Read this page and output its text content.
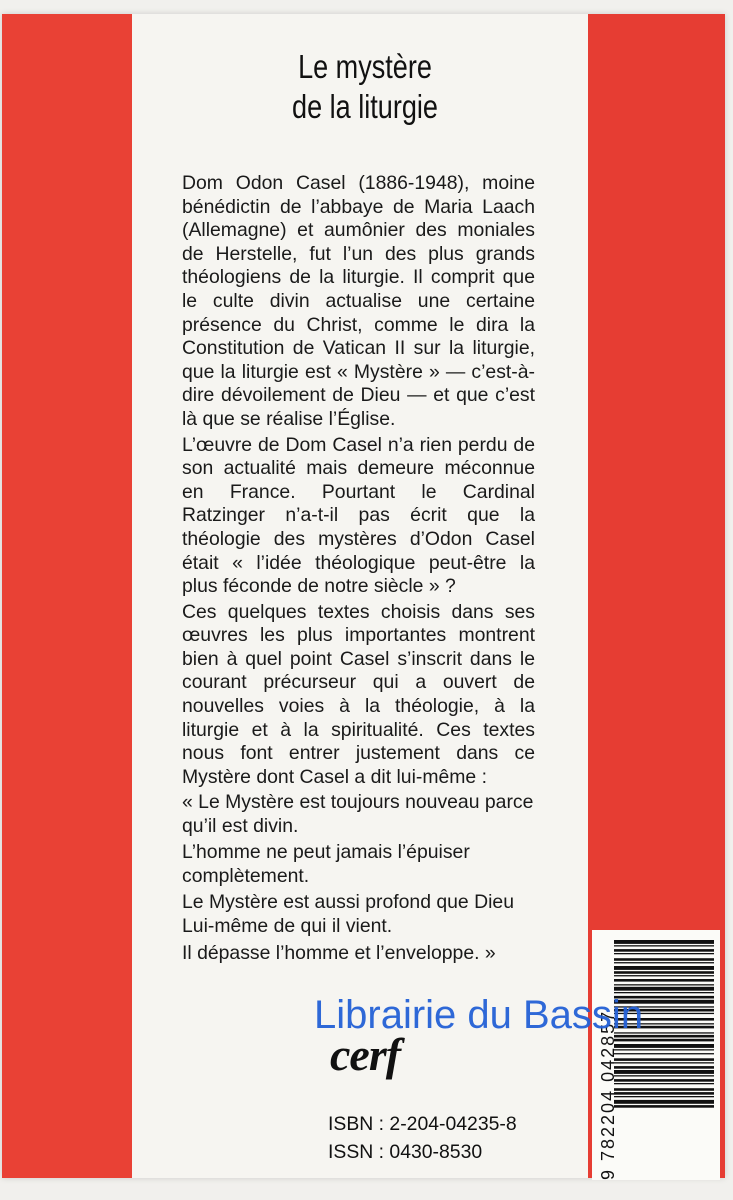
Le mystère
de la liturgie

Dom Odon Casel (1886-1948), moine bénédictin de l’abbaye de Maria Laach (Allemagne) et aumônier des moniales de Herstelle, fut l’un des plus grands théologiens de la liturgie. Il comprit que le culte divin actualise une certaine présence du Christ, comme le dira la Constitution de Vatican II sur la liturgie, que la liturgie est « Mystère » — c’est-à-dire dévoilement de Dieu — et que c’est là que se réalise l’Église.

L’œuvre de Dom Casel n’a rien perdu de son actualité mais demeure méconnue en France. Pourtant le Cardinal Ratzinger n’a-t-il pas écrit que la théologie des mystères d’Odon Casel était « l’idée théologique peut-être la plus féconde de notre siècle » ?

Ces quelques textes choisis dans ses œuvres les plus importantes montrent bien à quel point Casel s’inscrit dans le courant précurseur qui a ouvert de nouvelles voies à la théologie, à la liturgie et à la spiritualité. Ces textes nous font entrer justement dans ce Mystère dont Casel a dit lui-même :

« Le Mystère est toujours nouveau parce qu’il est divin.

L’homme ne peut jamais l’épuiser complètement.

Le Mystère est aussi profond que Dieu Lui-même de qui il vient.

Il dépasse l’homme et l’enveloppe. »

9 782204 042857
cerf
Librairie du Bassin
ISBN : 2-204-04235-8
ISSN : 0430-8530
